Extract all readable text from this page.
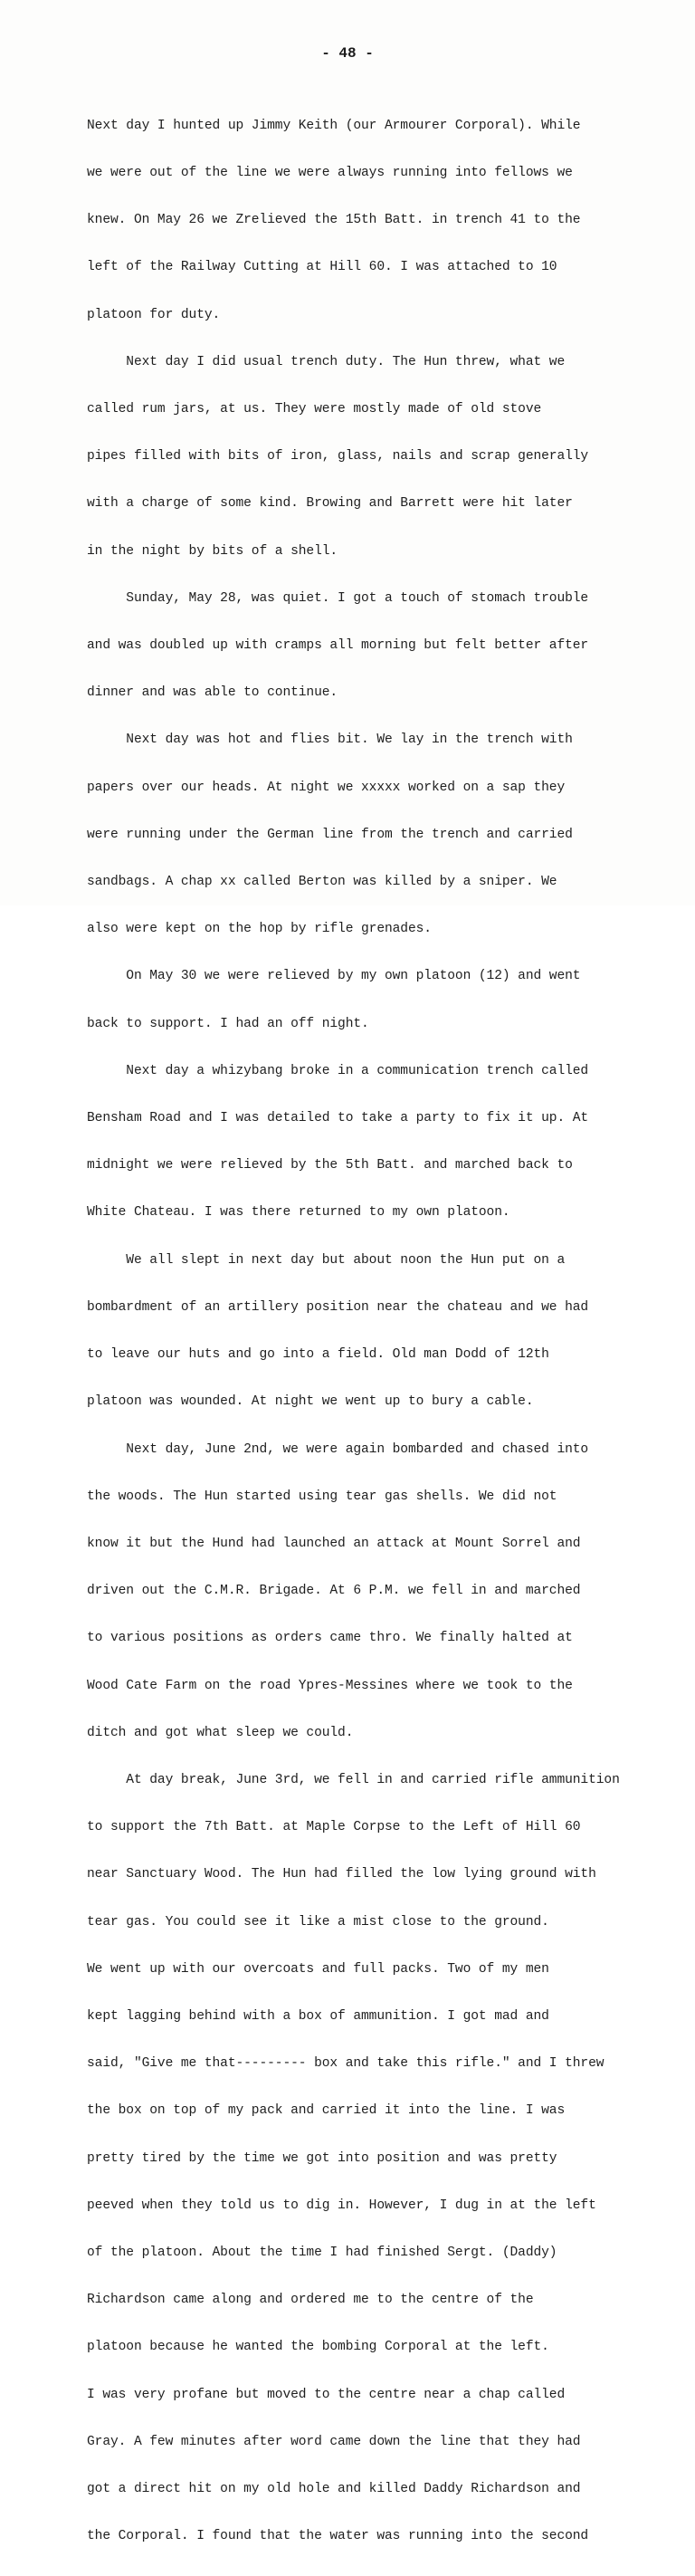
- 48 -

Next day I hunted up Jimmy Keith (our Armourer Corporal). While

we were out of the line we were always running into fellows we

knew. On May 26 we Zrelieved the 15th Batt. in trench 41 to the

left of the Railway Cutting at Hill 60. I was attached to 10

platoon for duty.

Next day I did usual trench duty. The Hun threw, what we

called rum jars, at us. They were mostly made of old stove

pipes filled with bits of iron, glass, nails and scrap generally

with a charge of some kind. Browing and Barrett were hit later

in the night by bits of a shell.

Sunday, May 28, was quiet. I got a touch of stomach trouble

and was doubled up with cramps all morning but felt better after

dinner and was able to continue.

Next day was hot and flies bit. We lay in the trench with

papers over our heads. At night we xxxxx worked on a sap they

were running under the German line from the trench and carried

sandbags. A chap xx called Berton was killed by a sniper. We

also were kept on the hop by rifle grenades.

On May 30 we were relieved by my own platoon (12) and went

back to support. I had an off night.

Next day a whizybang broke in a communication trench called

Bensham Road and I was detailed to take a party to fix it up. At

midnight we were relieved by the 5th Batt. and marched back to

White Chateau. I was there returned to my own platoon.

We all slept in next day but about noon the Hun put on a

bombardment of an artillery position near the chateau and we had

to leave our huts and go into a field. Old man Dodd of 12th

platoon was wounded. At night we went up to bury a cable.

Next day, June 2nd, we were again bombarded and chased into

the woods. The Hun started using tear gas shells. We did not

know it but the Hund had launched an attack at Mount Sorrel and

driven out the C.M.R. Brigade. At 6 P.M. we fell in and marched

to various positions as orders came thro. We finally halted at

Wood Cate Farm on the road Ypres-Messines where we took to the

ditch and got what sleep we could.

At day break, June 3rd, we fell in and carried rifle ammunition

to support the 7th Batt. at Maple Corpse to the Left of Hill 60

near Sanctuary Wood. The Hun had filled the low lying ground with

tear gas. You could see it like a mist close to the ground.

We went up with our overcoats and full packs. Two of my men

kept lagging behind with a box of ammunition. I got mad and

said, "Give me that--------- box and take this rifle." and I threw

the box on top of my pack and carried it into the line. I was

pretty tired by the time we got into position and was pretty

peeved when they told us to dig in. However, I dug in at the left

of the platoon. About the time I had finished Sergt. (Daddy)

Richardson came along and ordered me to the centre of the

platoon because he wanted the bombing Corporal at the left.

I was very profane but moved to the centre near a chap called

Gray. A few minutes after word came down the line that they had

got a direct hit on my old hole and killed Daddy Richardson and

the Corporal. I found that the water was running into the second
